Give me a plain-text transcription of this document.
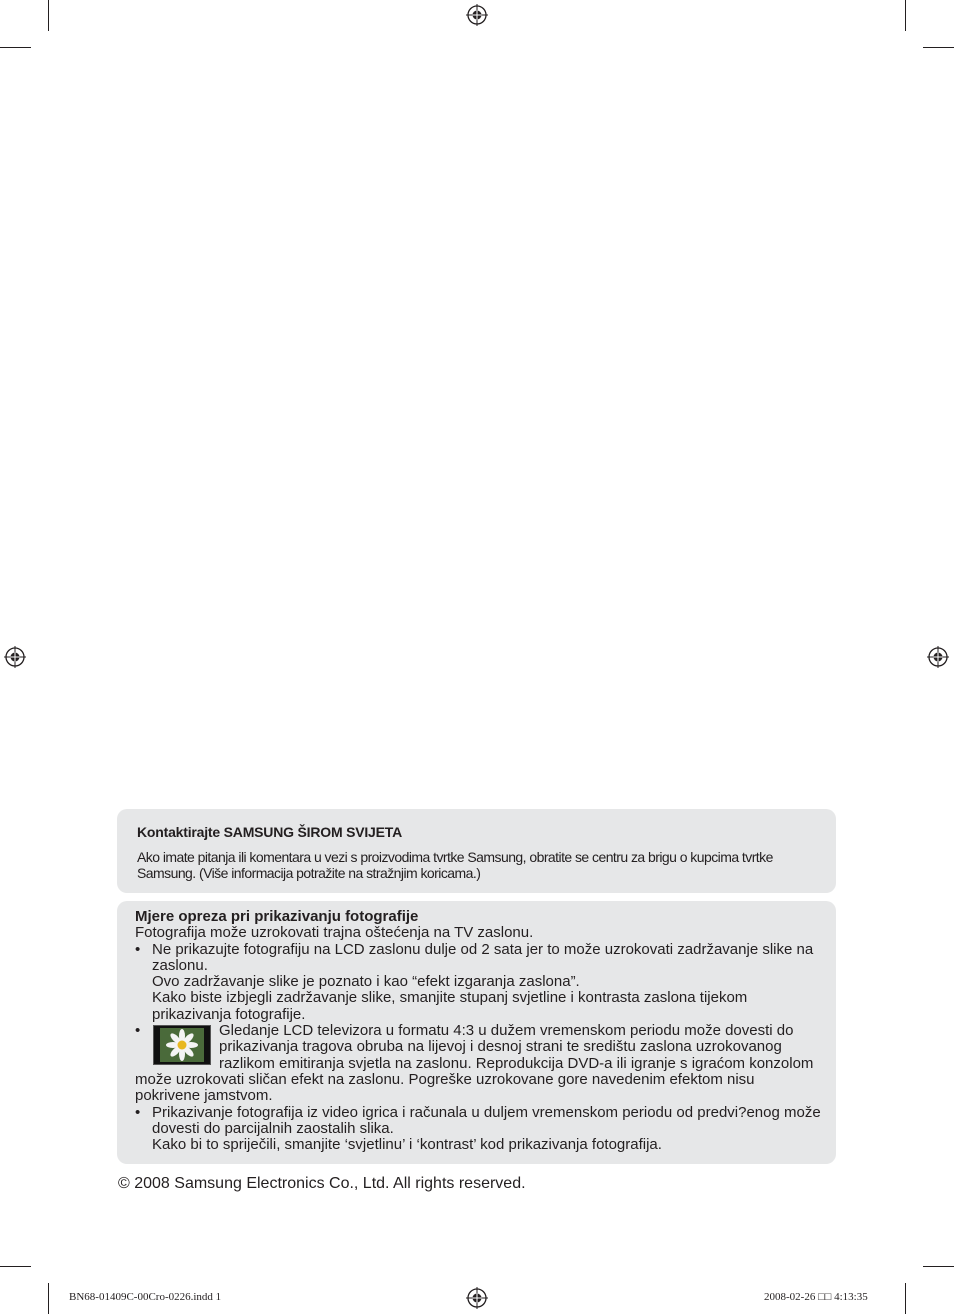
Kontaktirajte SAMSUNG ŠIROM SVIJETA
Ako imate pitanja ili komentara u vezi s proizvodima tvrtke Samsung, obratite se centru za brigu o kupcima tvrtke Samsung. (Više informacija potražite na stražnjim koricama.)
Mjere opreza pri prikazivanju fotografije
Fotografija može uzrokovati trajna oštećenja na TV zaslonu.
• Ne prikazujte fotografiju na LCD zaslonu dulje od 2 sata jer to može uzrokovati zadržavanje slike na zaslonu.
Ovo zadržavanje slike je poznato i kao “efekt izgaranja zaslona”.
Kako biste izbjegli zadržavanje slike, smanjite stupanj svjetline i kontrasta zaslona tijekom prikazivanja fotografije.
•	Gledanje LCD televizora u formatu 4:3 u dužem vremenskom periodu može dovesti do prikazivanja tragova obruba na lijevoj i desnoj strani te središtu zaslona uzrokovanog razlikom emitiranja svjetla na zaslonu. Reprodukcija DVD-a ili igranje s igraćom konzolom može uzrokovati sličan efekt na zaslonu. Pogreške uzrokovane gore navedenim efektom nisu pokrivene jamstvom.
• Prikazivanje fotografija iz video igrica i računala u duljem vremenskom periodu od predvi?enog može dovesti do parcijalnih zaostalih slika.
Kako bi to spriječili, smanjite ‘svjetlinu’ i ‘kontrast’ kod prikazivanja fotografija.
© 2008 Samsung Electronics Co., Ltd. All rights reserved.
BN68-01409C-00Cro-0226.indd 1	2008-02-26 □□ 4:13:35
